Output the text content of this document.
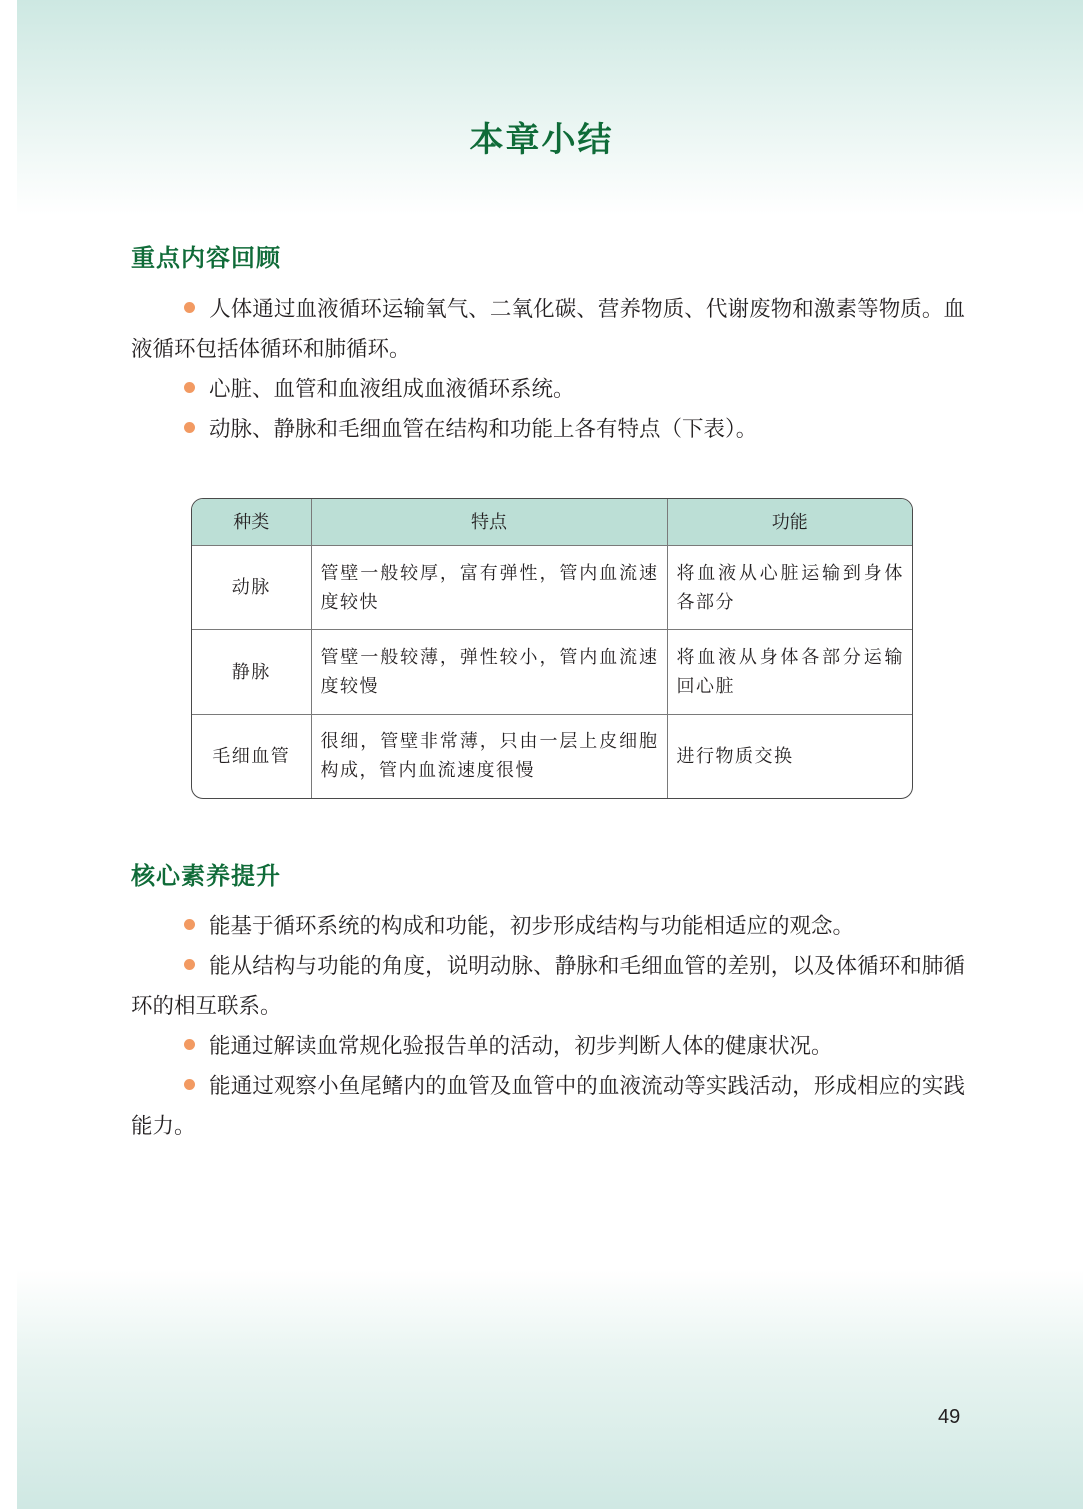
本章小结
重点内容回顾

人体通过血液循环运输氧气、二氧化碳、营养物质、代谢废物和激素等物质。血液循环包括体循环和肺循环。

心脏、血管和血液组成血液循环系统。

动脉、静脉和毛细血管在结构和功能上各有特点（下表）。

种类	特点	功能
动脉	管壁一般较厚，富有弹性，管内血流速度较快	将血液从心脏运输到身体各部分
静脉	管壁一般较薄，弹性较小，管内血流速度较慢	将血液从身体各部分运输回心脏
毛细血管	很细，管壁非常薄，只由一层上皮细胞构成，管内血流速度很慢	进行物质交换
核心素养提升

能基于循环系统的构成和功能，初步形成结构与功能相适应的观念。

能从结构与功能的角度，说明动脉、静脉和毛细血管的差别，以及体循环和肺循环的相互联系。

能通过解读血常规化验报告单的活动，初步判断人体的健康状况。

能通过观察小鱼尾鳍内的血管及血管中的血液流动等实践活动，形成相应的实践能力。

49
